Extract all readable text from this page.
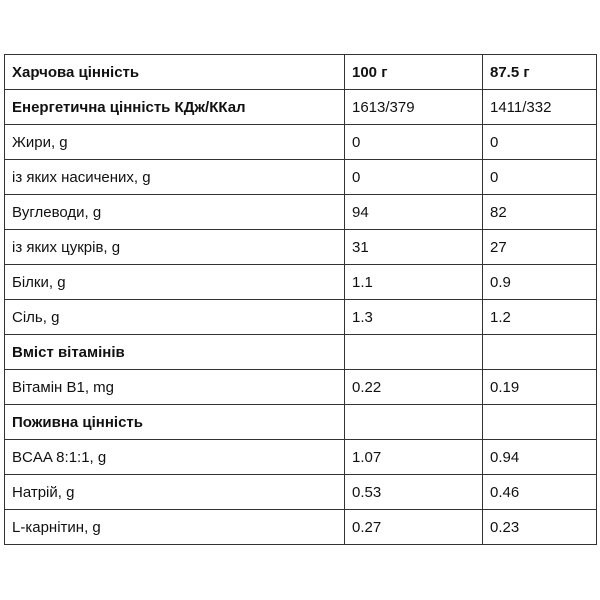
Харчова цінність	100 г	87.5 г
Енергетична цінність КДж/ККал	1613/379	1411/332
Жири, g	0	0
із яких насичених, g	0	0
Вуглеводи, g	94	82
із яких цукрів, g	31	27
Білки, g	1.1	0.9
Сіль, g	1.3	1.2
Вміст вітамінів		
Вітамін В1, mg	0.22	0.19
Поживна цінність		
BCAA 8:1:1, g	1.07	0.94
Натрій, g	0.53	0.46
L-карнітин, g	0.27	0.23
